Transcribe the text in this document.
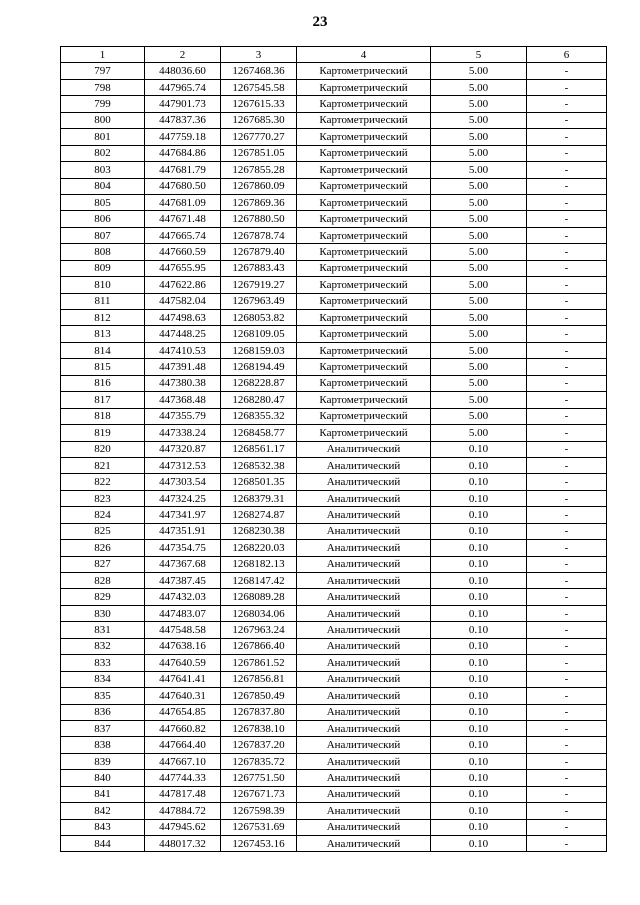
23
1	2	3	4	5	6
797	448036.60	1267468.36	Картометрический	5.00	-
798	447965.74	1267545.58	Картометрический	5.00	-
799	447901.73	1267615.33	Картометрический	5.00	-
800	447837.36	1267685.30	Картометрический	5.00	-
801	447759.18	1267770.27	Картометрический	5.00	-
802	447684.86	1267851.05	Картометрический	5.00	-
803	447681.79	1267855.28	Картометрический	5.00	-
804	447680.50	1267860.09	Картометрический	5.00	-
805	447681.09	1267869.36	Картометрический	5.00	-
806	447671.48	1267880.50	Картометрический	5.00	-
807	447665.74	1267878.74	Картометрический	5.00	-
808	447660.59	1267879.40	Картометрический	5.00	-
809	447655.95	1267883.43	Картометрический	5.00	-
810	447622.86	1267919.27	Картометрический	5.00	-
811	447582.04	1267963.49	Картометрический	5.00	-
812	447498.63	1268053.82	Картометрический	5.00	-
813	447448.25	1268109.05	Картометрический	5.00	-
814	447410.53	1268159.03	Картометрический	5.00	-
815	447391.48	1268194.49	Картометрический	5.00	-
816	447380.38	1268228.87	Картометрический	5.00	-
817	447368.48	1268280.47	Картометрический	5.00	-
818	447355.79	1268355.32	Картометрический	5.00	-
819	447338.24	1268458.77	Картометрический	5.00	-
820	447320.87	1268561.17	Аналитический	0.10	-
821	447312.53	1268532.38	Аналитический	0.10	-
822	447303.54	1268501.35	Аналитический	0.10	-
823	447324.25	1268379.31	Аналитический	0.10	-
824	447341.97	1268274.87	Аналитический	0.10	-
825	447351.91	1268230.38	Аналитический	0.10	-
826	447354.75	1268220.03	Аналитический	0.10	-
827	447367.68	1268182.13	Аналитический	0.10	-
828	447387.45	1268147.42	Аналитический	0.10	-
829	447432.03	1268089.28	Аналитический	0.10	-
830	447483.07	1268034.06	Аналитический	0.10	-
831	447548.58	1267963.24	Аналитический	0.10	-
832	447638.16	1267866.40	Аналитический	0.10	-
833	447640.59	1267861.52	Аналитический	0.10	-
834	447641.41	1267856.81	Аналитический	0.10	-
835	447640.31	1267850.49	Аналитический	0.10	-
836	447654.85	1267837.80	Аналитический	0.10	-
837	447660.82	1267838.10	Аналитический	0.10	-
838	447664.40	1267837.20	Аналитический	0.10	-
839	447667.10	1267835.72	Аналитический	0.10	-
840	447744.33	1267751.50	Аналитический	0.10	-
841	447817.48	1267671.73	Аналитический	0.10	-
842	447884.72	1267598.39	Аналитический	0.10	-
843	447945.62	1267531.69	Аналитический	0.10	-
844	448017.32	1267453.16	Аналитический	0.10	-
